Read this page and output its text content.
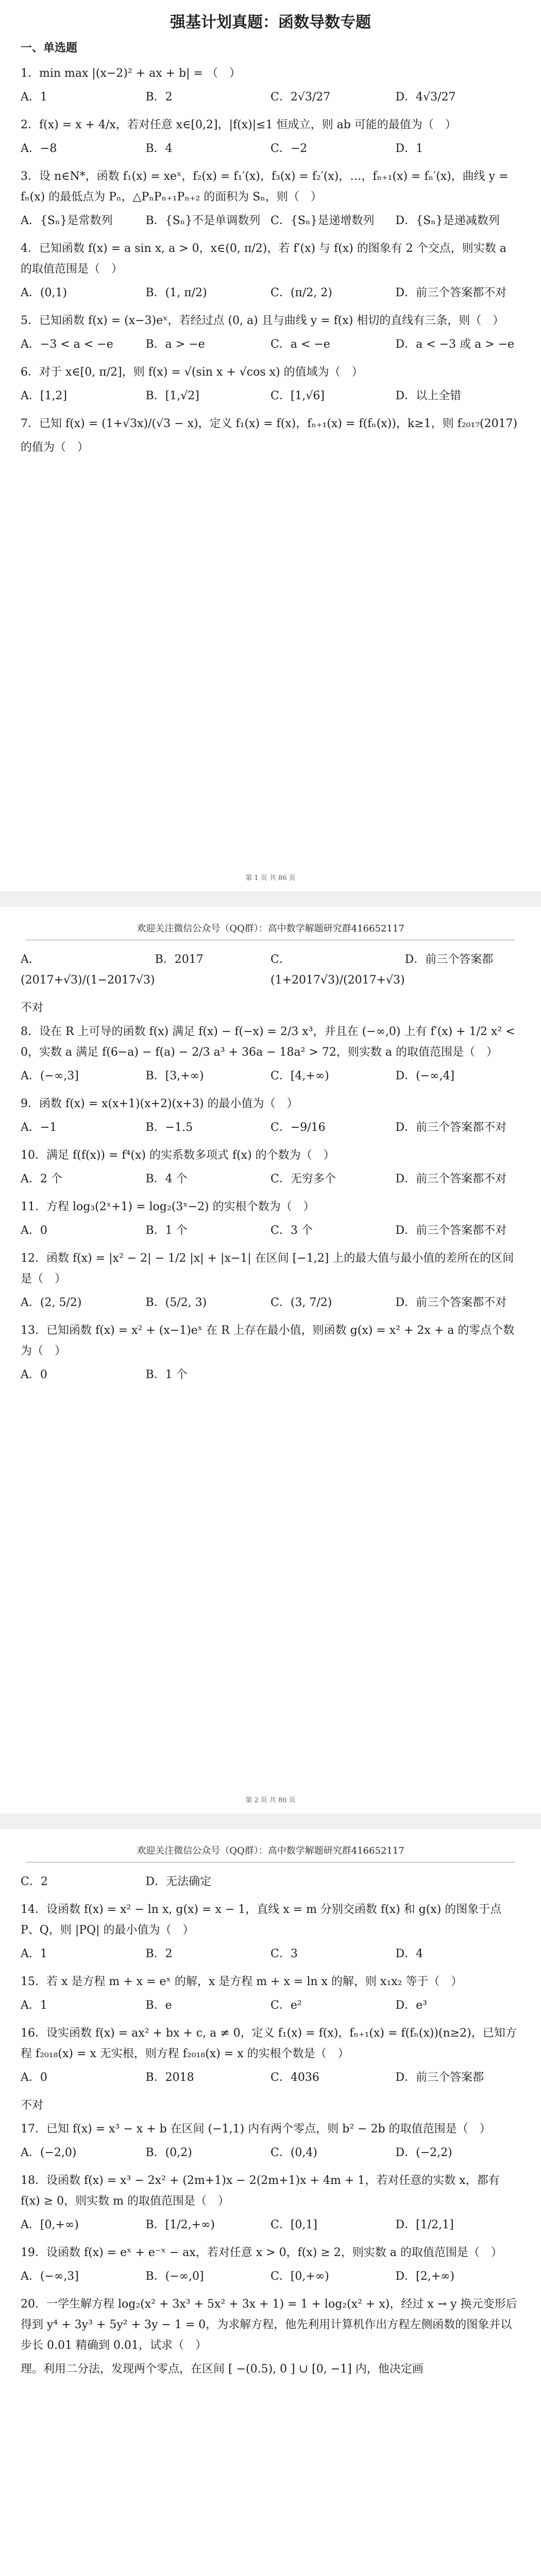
强基计划真题：函数导数专题
一、单选题
1．min max |(x−2)² + ax + b| = （　）
A．1	B．2	C．2√3/27	D．4√3/27
2．f(x) = x + 4/x，若对任意 x∈[0,2]，|f(x)|≤1 恒成立，则 ab 可能的最值为（　）
A．−8	B．4	C．−2	D．1
3．设 n∈N*，函数 f₁(x) = xeˣ，f₂(x) = f₁′(x)，f₃(x) = f₂′(x)，…，fₙ₊₁(x) = fₙ′(x)，曲线 y = fₙ(x) 的最低点为 Pₙ，△PₙPₙ₊₁Pₙ₊₂ 的面积为 Sₙ，则（　）
A．{Sₙ}是常数列	B．{Sₙ}不是单调数列 C．{Sₙ}是递增数列	D．{Sₙ}是递减数列
4．已知函数 f(x) = a sin x, a > 0，x∈(0, π/2)，若 f′(x) 与 f(x) 的图象有 2 个交点，则实数 a 的取值范围是（　）
A．(0,1)	B．(1, π/2)	C．(π/2, 2)	D．前三个答案都不对
5．已知函数 f(x) = (x−3)eˣ，若经过点 (0, a) 且与曲线 y = f(x) 相切的直线有三条，则（　）
A．−3 < a < −e	B．a > −e	C．a < −e	D．a < −3 或 a > −e
6．对于 x∈[0, π/2]，则 f(x) = √(sin x + √cos x) 的值域为（　）
A．[1,2]	B．[1,√2]	C．[1,√6]	D．以上全错
7．已知 f(x) = (1+√3x)/(√3 − x)，定义 f₁(x) = f(x)，fₙ₊₁(x) = f(fₙ(x))，k≥1，则 f₂₀₁₇(2017)
的值为（　）
第 1 页 共 86 页
欢迎关注微信公众号（QQ群）：高中数学解题研究群416652117
A．(2017+√3)/(1−2017√3)
B．2017	C．(1+2017√3)/(2017+√3)
D．前三个答案都
不对
8．设在 R 上可导的函数 f(x) 满足 f(x) − f(−x) = 2/3 x³，并且在 (−∞,0) 上有 f′(x) + 1/2 x² < 0，实数 a 满足 f(6−a) − f(a) − 2/3 a³ + 36a − 18a² > 72，则实数 a 的取值范围是（　）
A．(−∞,3]	B．[3,+∞)	C．[4,+∞)	D．(−∞,4]
9．函数 f(x) = x(x+1)(x+2)(x+3) 的最小值为（　）
A．−1	B．−1.5	C．−9/16	D．前三个答案都不对
10．满足 f(f(x)) = f⁴(x) 的实系数多项式 f(x) 的个数为（　）
A．2 个	B．4 个	C．无穷多个	D．前三个答案都不对
11．方程 log₃(2ˣ+1) = log₂(3ˣ−2) 的实根个数为（　）
A．0	B．1 个	C．3 个	D．前三个答案都不对
12．函数 f(x) = |x² − 2| − 1/2 |x| + |x−1| 在区间 [−1,2] 上的最大值与最小值的差所在的区间是（　）
A．(2, 5/2)	B．(5/2, 3)	C．(3, 7/2)	D．前三个答案都不对
13．已知函数 f(x) = x² + (x−1)eˣ 在 R 上存在最小值，则函数 g(x) = x² + 2x + a 的零点个数为（　）
A．0	B．1 个
第 2 页 共 86 页
欢迎关注微信公众号（QQ群）：高中数学解题研究群416652117
C．2	D．无法确定
14．设函数 f(x) = x² − ln x, g(x) = x − 1，直线 x = m 分别交函数 f(x) 和 g(x) 的图象于点 P、Q，则 |PQ| 的最小值为（　）
A．1	B．2	C．3	D．4
15．若 x 是方程 m + x = eˣ 的解，x 是方程 m + x = ln x 的解，则 x₁x₂ 等于（　）
A．1	B．e	C．e²	D．e³
16．设实函数 f(x) = ax² + bx + c, a ≠ 0，定义 f₁(x) = f(x)，fₙ₊₁(x) = f(fₙ(x))(n≥2)，已知方程 f₂₀₁₈(x) = x 无实根，则方程 f₂₀₁₈(x) = x 的实根个数是（　）
A．0	B．2018	C．4036	D．前三个答案都
不对
17．已知 f(x) = x³ − x + b 在区间 (−1,1) 内有两个零点，则 b² − 2b 的取值范围是（　）
A．(−2,0)	B．(0,2)	C．(0,4)	D．(−2,2)
18．设函数 f(x) = x³ − 2x² + (2m+1)x − 2(2m+1)x + 4m + 1，若对任意的实数 x，都有 f(x) ≥ 0，则实数 m 的取值范围是（　）
A．[0,+∞)	B．[1/2,+∞)	C．[0,1]	D．[1/2,1]
19．设函数 f(x) = eˣ + e⁻ˣ − ax，若对任意 x > 0，f(x) ≥ 2，则实数 a 的取值范围是（　）
A．(−∞,3]	B．(−∞,0]	C．[0,+∞)	D．[2,+∞)
20．一学生解方程 log₂(x² + 3x³ + 5x² + 3x + 1) = 1 + log₂(x² + x)，经过 x → y 换元变形后得到 y⁴ + 3y³ + 5y² + 3y − 1 = 0，为求解方程，他先利用计算机作出方程左侧函数的图象并以步长 0.01 精确到 0.01，试求（　）
理。利用二分法，发现两个零点，在区间 [ −(0.5), 0 ] ∪ [0, −1] 内，他决定画
